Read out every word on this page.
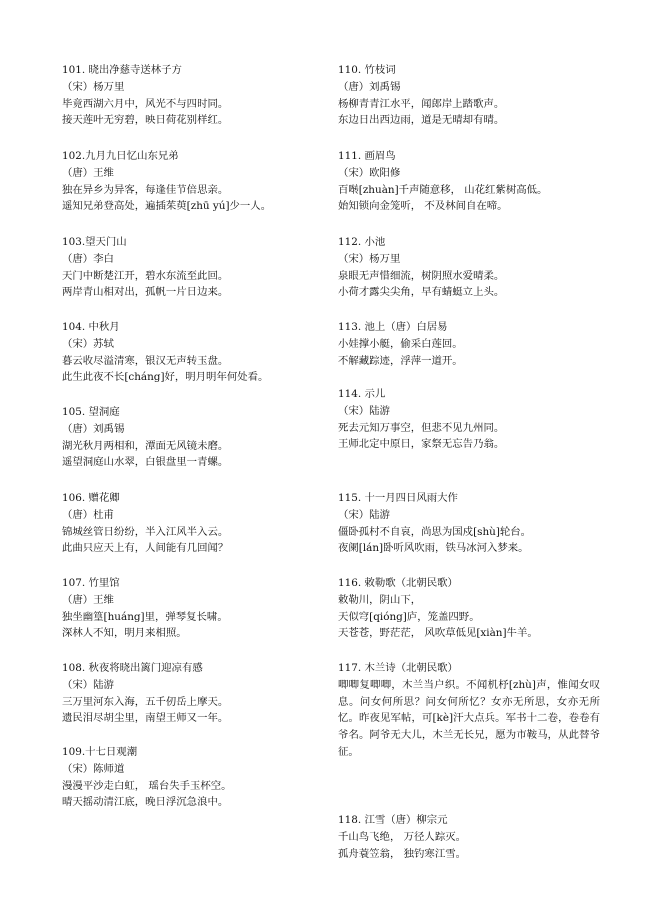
101. 晓出净慈寺送林子方
（宋）杨万里
毕竟西湖六月中，风光不与四时同。
接天莲叶无穷碧，映日荷花别样红。
102.九月九日忆山东兄弟
（唐）王维
独在异乡为异客，每逢佳节倍思亲。
遥知兄弟登高处，遍插茱萸[zhū yú]少一人。
103.望天门山
（唐）李白
天门中断楚江开，碧水东流至此回。
两岸青山相对出，孤帆一片日边来。
104. 中秋月
（宋）苏轼
暮云收尽溢清寒，银汉无声转玉盘。
此生此夜不长[cháng]好，明月明年何处看。
105. 望洞庭
（唐）刘禹锡
湖光秋月两相和，潭面无风镜未磨。
遥望洞庭山水翠，白银盘里一青螺。
106. 赠花卿
（唐）杜甫
锦城丝管日纷纷，半入江风半入云。
此曲只应天上有，人间能有几回闻？
107. 竹里馆
（唐）王维
独坐幽篁[huáng]里，弹琴复长啸。
深林人不知，明月来相照。
108. 秋夜将晓出篱门迎凉有感
（宋）陆游
三万里河东入海，五千仞岳上摩天。
遗民泪尽胡尘里，南望王师又一年。
109.十七日观潮
（宋）陈师道
漫漫平沙走白虹， 瑶台失手玉杯空。
晴天摇动清江底，晚日浮沉急浪中。
110. 竹枝词
（唐）刘禹锡
杨柳青青江水平，闻郎岸上踏歌声。
东边日出西边雨，道是无晴却有晴。
111. 画眉鸟
（宋）欧阳修
百啭[zhuàn]千声随意移， 山花红紫树高低。
始知锁向金笼听， 不及林间自在啼。
112. 小池
（宋）杨万里
泉眼无声惜细流，树阴照水爱晴柔。
小荷才露尖尖角，早有蜻蜓立上头。
113. 池上（唐）白居易
小娃撑小艇，偷采白莲回。
不解藏踪迹，浮萍一道开。
114. 示儿
（宋）陆游
死去元知万事空，但悲不见九州同。
王师北定中原日，家祭无忘告乃翁。
115. 十一月四日风雨大作
（宋）陆游
僵卧孤村不自哀，尚思为国戍[shù]轮台。
夜阑[lán]卧听风吹雨，铁马冰河入梦来。
116. 敕勒歌（北朝民歌）
敕勒川，阴山下，
天似穹[qióng]庐，笼盖四野。
天苍苍，野茫茫， 风吹草低见[xiàn]牛羊。
117. 木兰诗（北朝民歌）
唧唧复唧唧，木兰当户织。不闻机杼[zhù]声，惟闻女叹息。问女何所思？问女何所忆？女亦无所思，女亦无所忆。昨夜见军帖，可[kè]汗大点兵。军书十二卷，卷卷有爷名。阿爷无大儿，木兰无长兄，愿为市鞍马，从此替爷征。
118. 江雪（唐）柳宗元
千山鸟飞绝， 万径人踪灭。
孤舟蓑笠翁， 独钓寒江雪。
